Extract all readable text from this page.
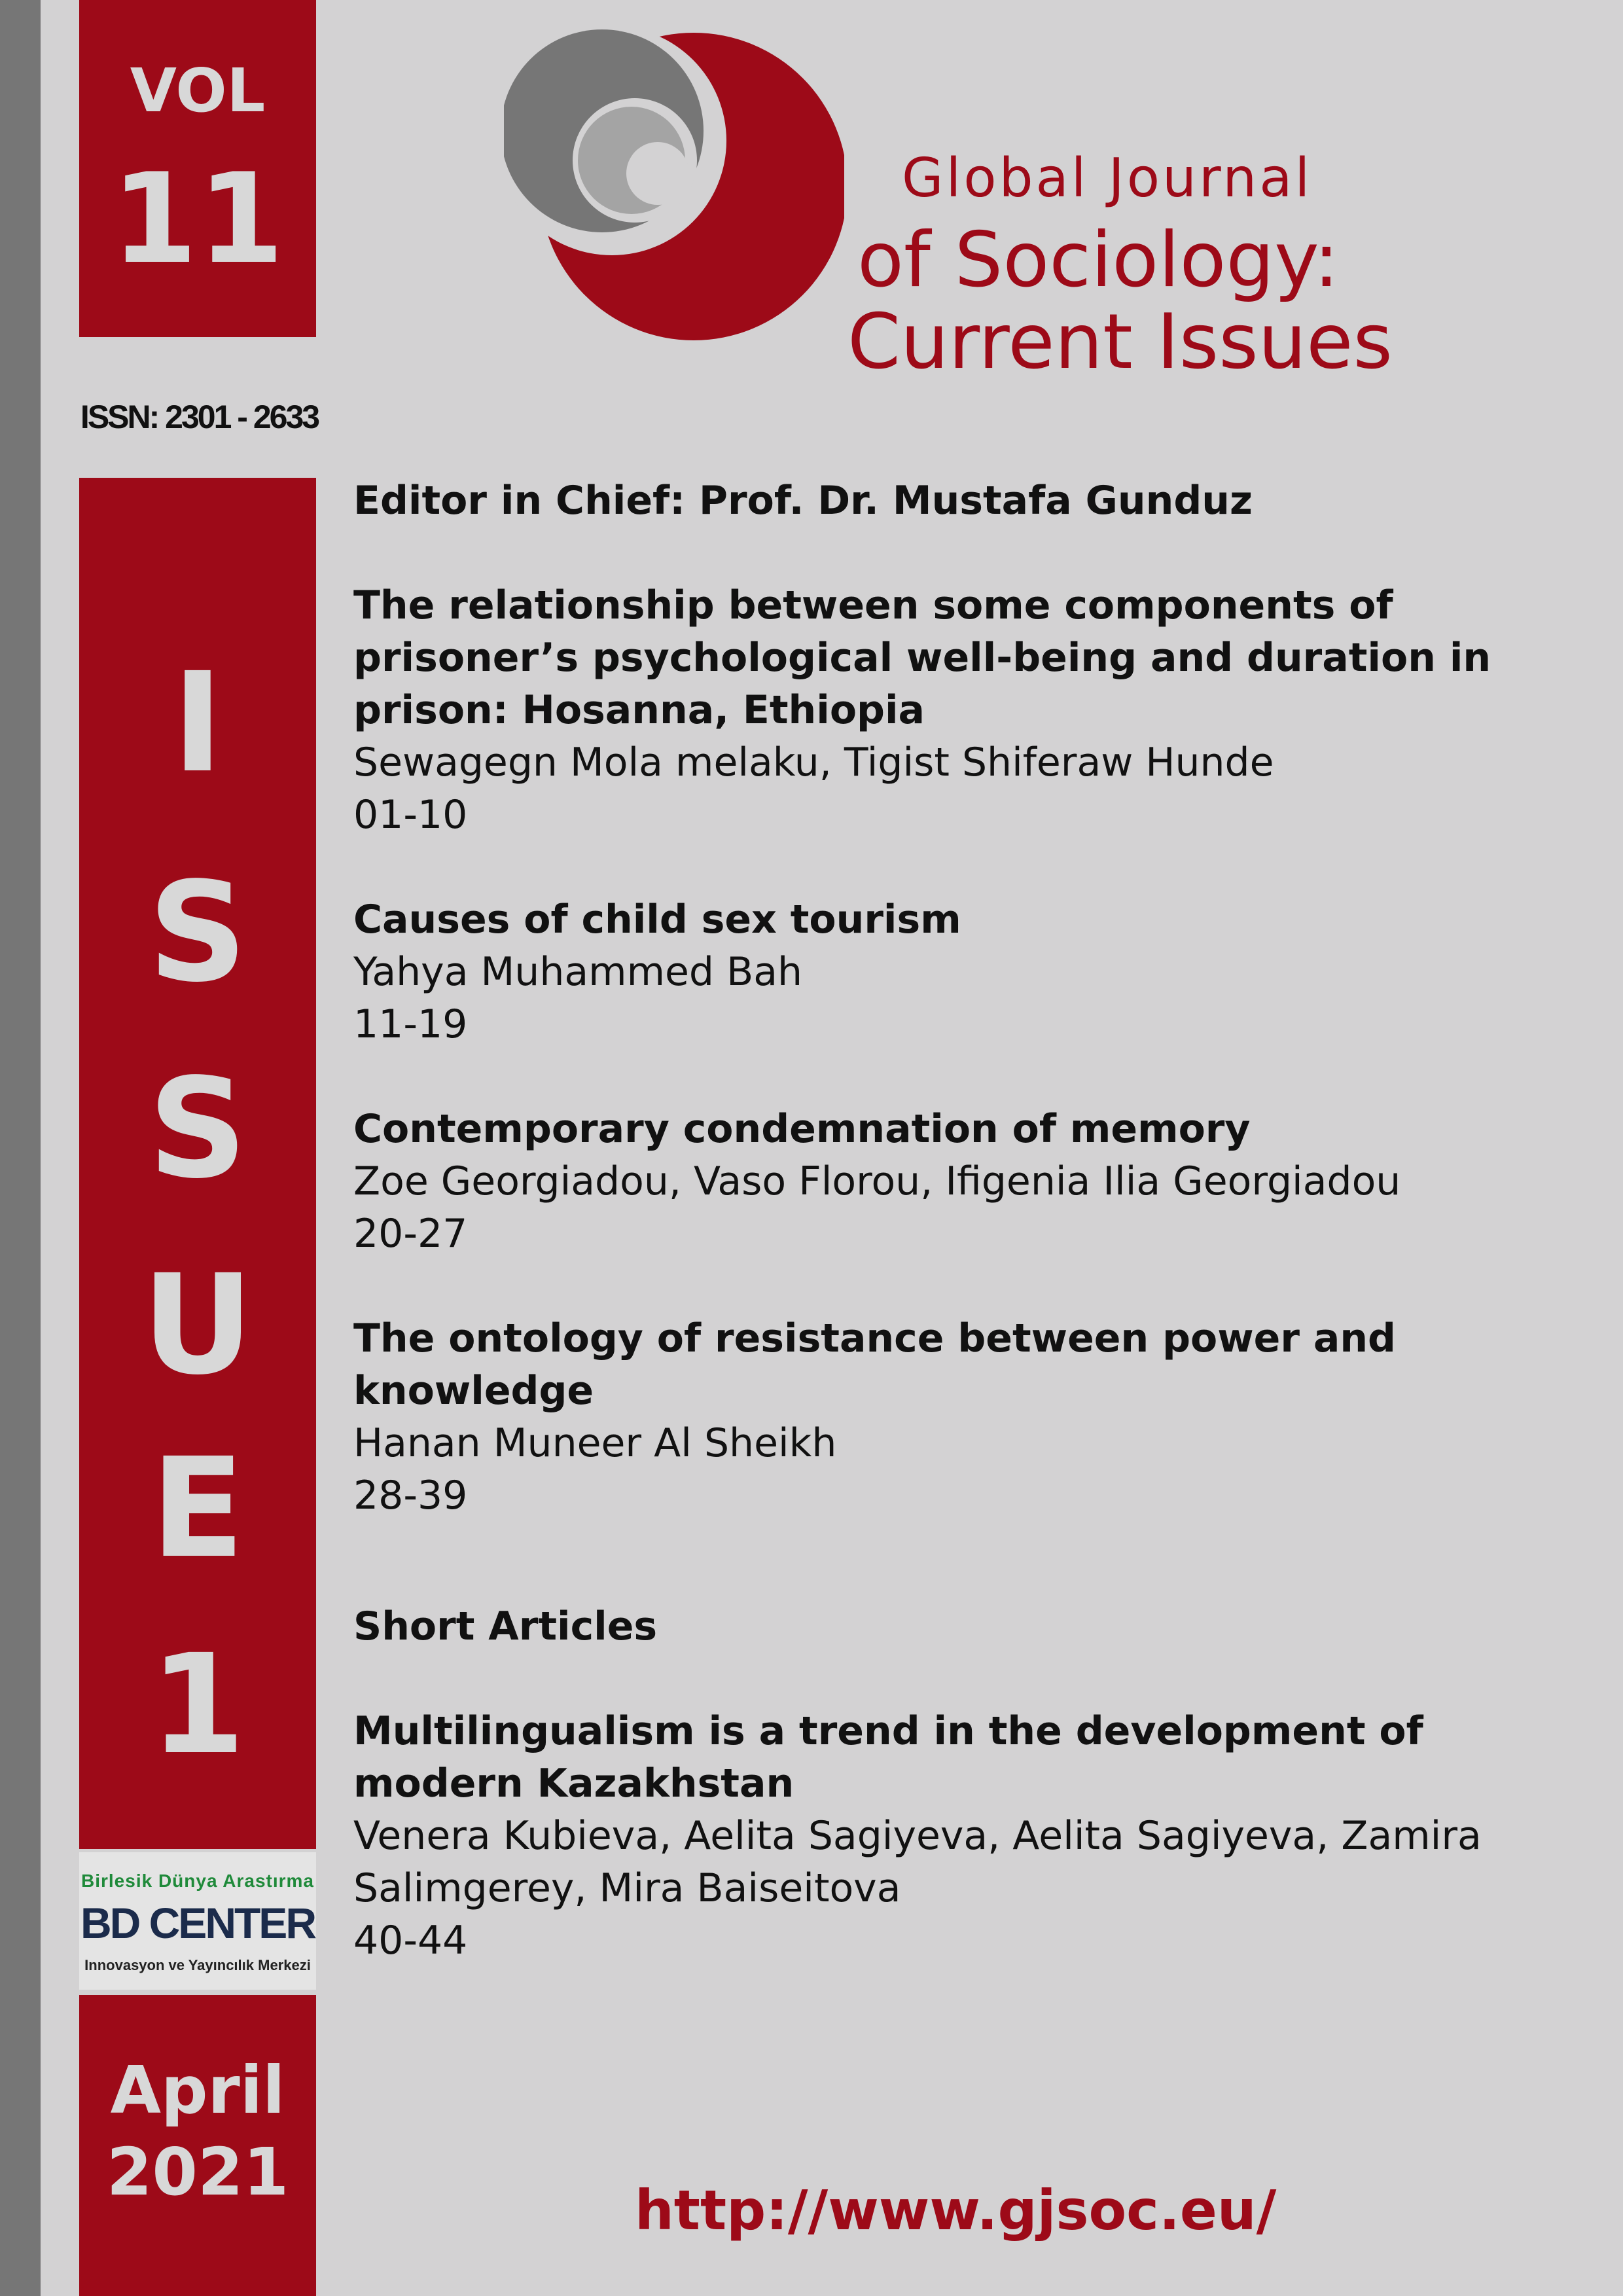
VOL
11
ISSN: 2301 - 2633
I
S
S
U
E
1
Birlesik Dünya Arastırma
BD CENTER
Innovasyon ve Yayıncılık Merkezi
April
2021
Global Journal
of Sociology:
Current Issues
Editor in Chief: Prof. Dr. Mustafa Gunduz
The relationship between some components of prisoner’s psychological well-being and duration in prison: Hosanna, Ethiopia
Sewagegn Mola melaku, Tigist Shiferaw Hunde
01-10
Causes of child sex tourism
Yahya Muhammed Bah
11-19
Contemporary condemnation of memory
Zoe Georgiadou, Vaso Florou, Ifigenia Ilia Georgiadou
20-27
The ontology of resistance between power and knowledge
Hanan Muneer Al Sheikh
28-39
Short Articles
Multilingualism is a trend in the development of modern Kazakhstan
Venera Kubieva, Aelita Sagiyeva, Aelita Sagiyeva, Zamira Salimgerey, Mira Baiseitova
40-44
http://www.gjsoc.eu/
